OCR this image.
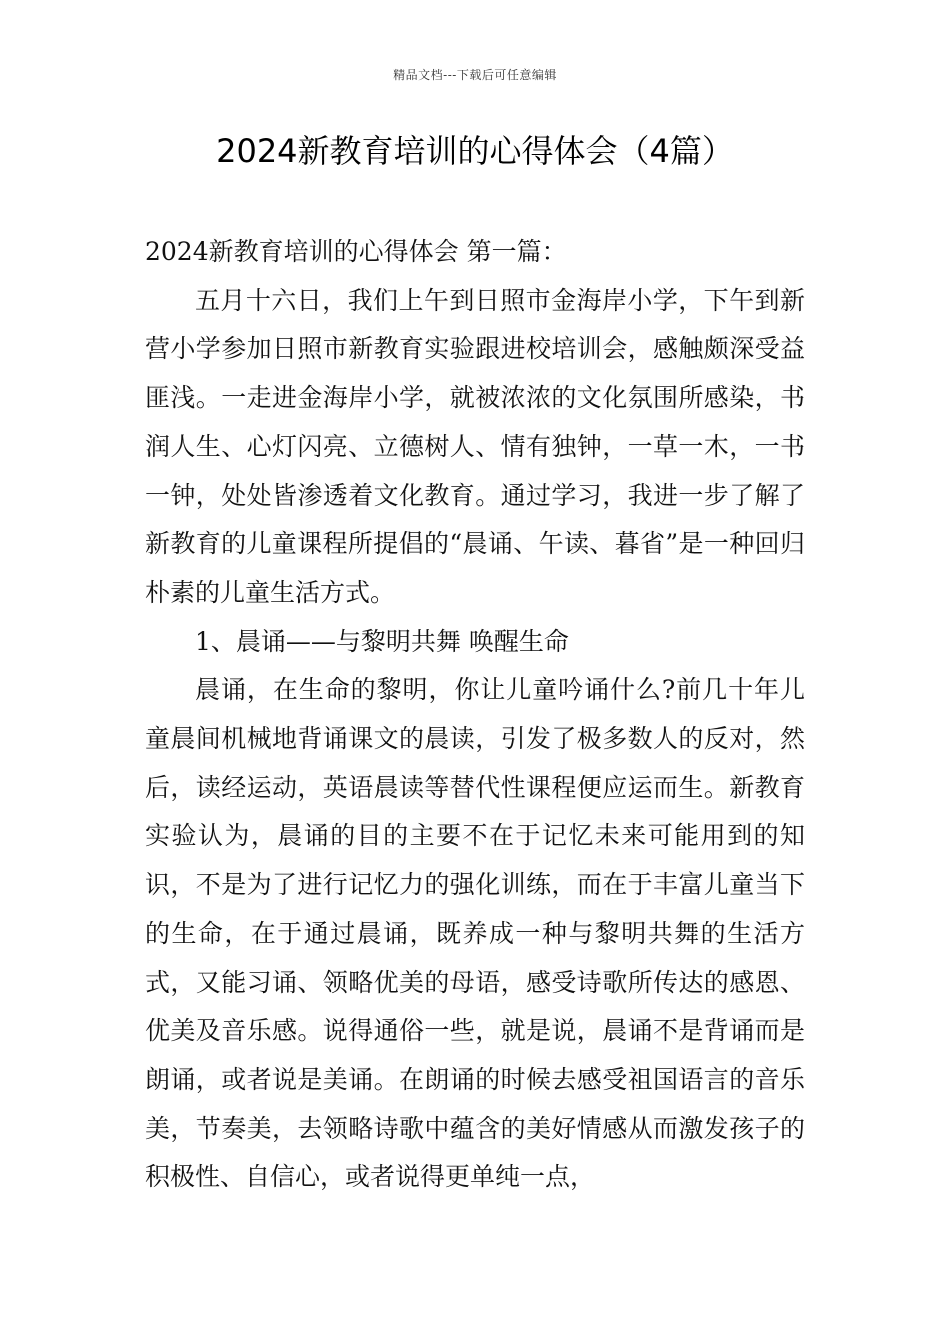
精品文档---下载后可任意编辑
2024新教育培训的心得体会（4篇）

2024新教育培训的心得体会 第一篇：

五月十六日，我们上午到日照市金海岸小学，下午到新营小学参加日照市新教育实验跟进校培训会，感触颇深受益匪浅。一走进金海岸小学，就被浓浓的文化氛围所感染，书润人生、心灯闪亮、立德树人、情有独钟，一草一木，一书一钟，处处皆渗透着文化教育。通过学习，我进一步了解了新教育的儿童课程所提倡的“晨诵、午读、暮省”是一种回归朴素的儿童生活方式。

1、晨诵——与黎明共舞 唤醒生命

晨诵，在生命的黎明，你让儿童吟诵什么?前几十年儿童晨间机械地背诵课文的晨读，引发了极多数人的反对，然后，读经运动，英语晨读等替代性课程便应运而生。新教育实验认为，晨诵的目的主要不在于记忆未来可能用到的知识，不是为了进行记忆力的强化训练，而在于丰富儿童当下的生命，在于通过晨诵，既养成一种与黎明共舞的生活方式，又能习诵、领略优美的母语，感受诗歌所传达的感恩、优美及音乐感。说得通俗一些，就是说，晨诵不是背诵而是朗诵，或者说是美诵。在朗诵的时候去感受祖国语言的音乐美，节奏美，去领略诗歌中蕴含的美好情感从而激发孩子的积极性、自信心，或者说得更单纯一点，
